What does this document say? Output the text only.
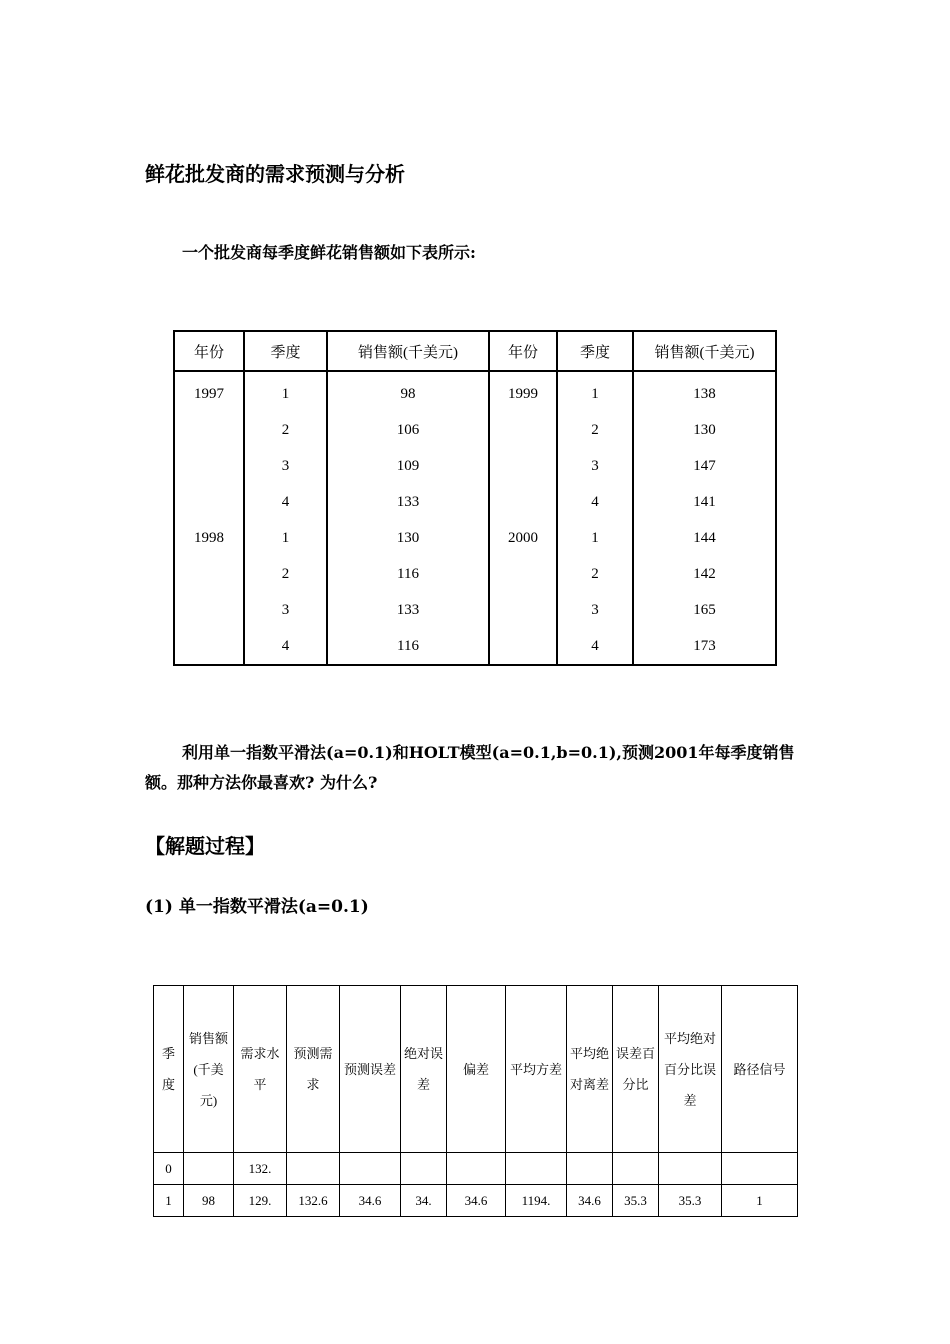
鲜花批发商的需求预测与分析
一个批发商每季度鲜花销售额如下表所示:
年份	季度	销售额(千美元)	年份	季度	销售额(千美元)
1997	1	98	1999	1	138
	2	106		2	130
	3	109		3	147
	4	133		4	141
1998	1	130	2000	1	144
	2	116		2	142
	3	133		3	165
	4	116		4	173
利用单一指数平滑法(a=0.1)和HOLT模型(a=0.1,b=0.1),预测2001年每季度销售额。那种方法你最喜欢? 为什么?
【解题过程】
(1) 单一指数平滑法(a=0.1)
季度	销售额(千美元)	需求水平	预测需求	预测误差	绝对误差	偏差	平均方差	平均绝对离差	误差百分比	平均绝对百分比误差	路径信号
0		132.									
1	98	129.	132.6	34.6	34.	34.6	1194.	34.6	35.3	35.3	1
